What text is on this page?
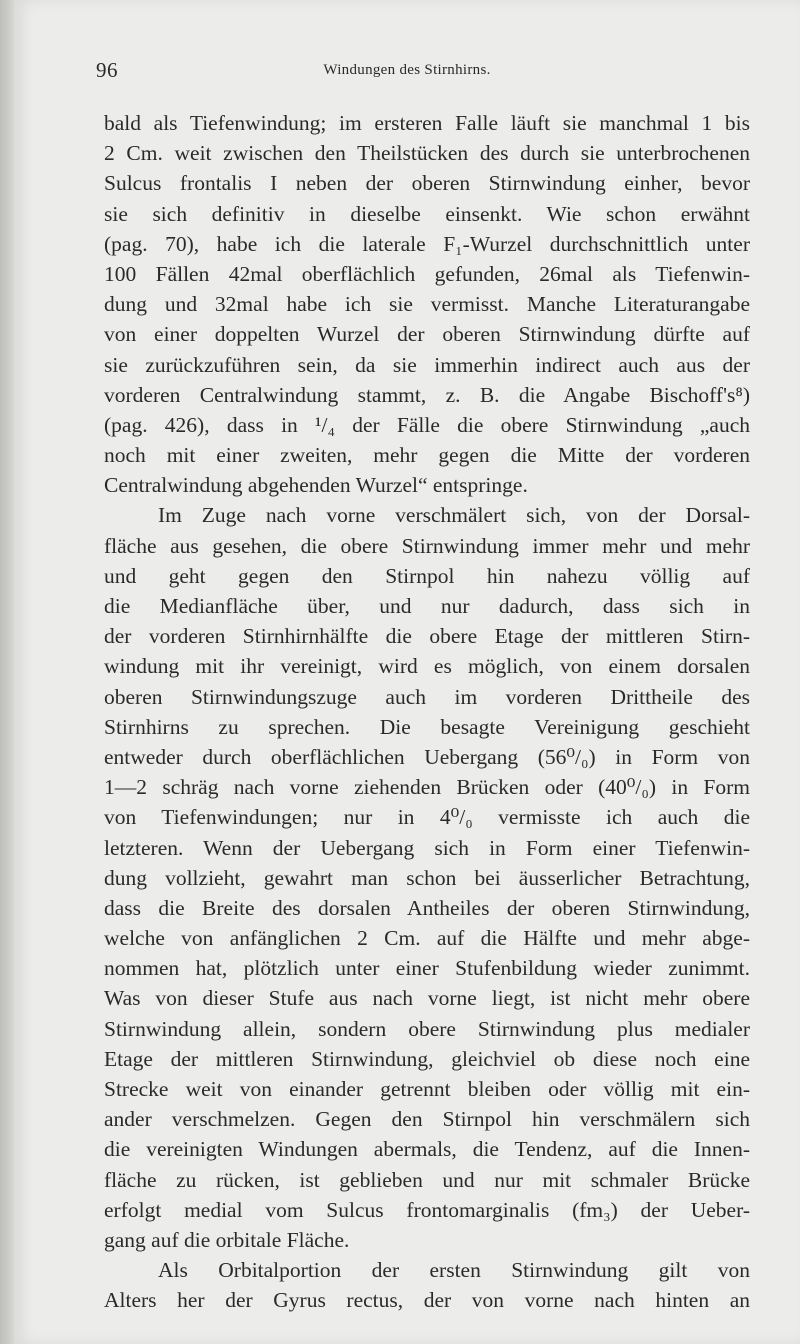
96	Windungen des Stirnhirns.
bald als Tiefenwindung; im ersteren Falle läuft sie manchmal 1 bis
2 Cm. weit zwischen den Theilstücken des durch sie unterbrochenen
Sulcus frontalis I neben der oberen Stirnwindung einher, bevor
sie sich definitiv in dieselbe einsenkt. Wie schon erwähnt
(pag. 70), habe ich die laterale F₁-Wurzel durchschnittlich unter
100 Fällen 42mal oberflächlich gefunden, 26mal als Tiefenwin-
dung und 32mal habe ich sie vermisst. Manche Literaturangabe
von einer doppelten Wurzel der oberen Stirnwindung dürfte auf
sie zurückzuführen sein, da sie immerhin indirect auch aus der
vorderen Centralwindung stammt, z. B. die Angabe Bischoff's⁸)
(pag. 426), dass in ¹/₄ der Fälle die obere Stirnwindung „auch
noch mit einer zweiten, mehr gegen die Mitte der vorderen
Centralwindung abgehenden Wurzel“ entspringe.
Im Zuge nach vorne verschmälert sich, von der Dorsal-
fläche aus gesehen, die obere Stirnwindung immer mehr und mehr
und geht gegen den Stirnpol hin nahezu völlig auf
die Medianfläche über, und nur dadurch, dass sich in
der vorderen Stirnhirnhälfte die obere Etage der mittleren Stirn-
windung mit ihr vereinigt, wird es möglich, von einem dorsalen
oberen Stirnwindungszuge auch im vorderen Drittheile des
Stirnhirns zu sprechen. Die besagte Vereinigung geschieht
entweder durch oberflächlichen Uebergang (56⁰/₀) in Form von
1—2 schräg nach vorne ziehenden Brücken oder (40⁰/₀) in Form
von Tiefenwindungen; nur in 4⁰/₀ vermisste ich auch die
letzteren. Wenn der Uebergang sich in Form einer Tiefenwin-
dung vollzieht, gewahrt man schon bei äusserlicher Betrachtung,
dass die Breite des dorsalen Antheiles der oberen Stirnwindung,
welche von anfänglichen 2 Cm. auf die Hälfte und mehr abge-
nommen hat, plötzlich unter einer Stufenbildung wieder zunimmt.
Was von dieser Stufe aus nach vorne liegt, ist nicht mehr obere
Stirnwindung allein, sondern obere Stirnwindung plus medialer
Etage der mittleren Stirnwindung, gleichviel ob diese noch eine
Strecke weit von einander getrennt bleiben oder völlig mit ein-
ander verschmelzen. Gegen den Stirnpol hin verschmälern sich
die vereinigten Windungen abermals, die Tendenz, auf die Innen-
fläche zu rücken, ist geblieben und nur mit schmaler Brücke
erfolgt medial vom Sulcus frontomarginalis (fm₃) der Ueber-
gang auf die orbitale Fläche.
Als Orbitalportion der ersten Stirnwindung gilt von
Alters her der Gyrus rectus, der von vorne nach hinten an
